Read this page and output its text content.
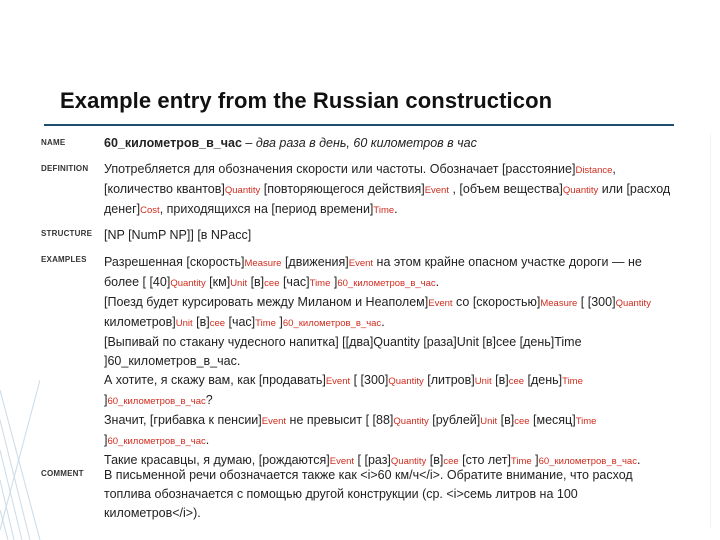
Example entry from the Russian constructicon
NAME
DEFINITION
STRUCTURE
EXAMPLES
COMMENT
60_километров_в_час – два раза в день, 60 километров в час
Употребляется для обозначения скорости или частоты. Обозначает [расстояние]Distance,
[количество квантов]Quantity [повторяющегося действия]Event , [объем вещества]Quantity или [расход
денег]Cost, приходящихся на [период времени]Time.
[NP [NumP NP]] [в NPacc]
Разрешенная [скорость]Measure [движения]Event на этом крайне опасном участке дороги — не
более [ [40]Quantity [км]Unit [в]сее [час]Time ]60_километров_в_час.
[Поезд будет курсировать между Миланом и Неаполем]Event со [скоростью]Measure [ [300]Quantity
километров]Unit [в]сее [час]Time ]60_километров_в_час.
[Выпивай по стакану чудесного напитка] [[два]Quantity [раза]Unit [в]сее [день]Time
]60_километров_в_час.
А хотите, я скажу вам, как [продавать]Event [ [300]Quantity [литров]Unit [в]сее [день]Time
]60_километров_в_час?
Значит, [грибавка к пенсии]Event не превысит [ [88]Quantity [рублей]Unit [в]сее [месяц]Time
]60_километров_в_час.
Такие красавцы, я думаю, [рождаются]Event [ [раз]Quantity [в]сее [сто лет]Time ]60_километров_в_час.
В письменной речи обозначается также как <i>60 км/ч</i>. Обратите внимание, что расход
топлива обозначается с помощью другой конструкции (ср. <i>семь литров на 100
километров</i>).
